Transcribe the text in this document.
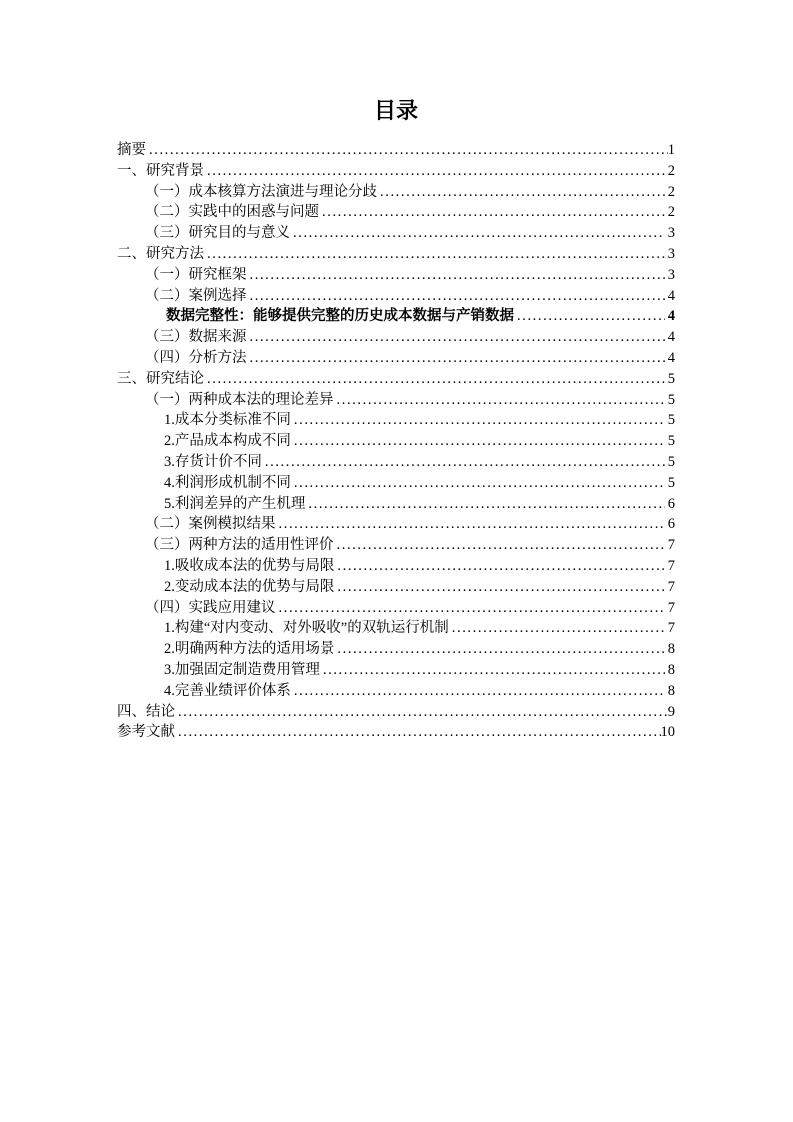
目录
摘要 .....	1
一、研究背景 .....	2
（一）成本核算方法演进与理论分歧 .....	2
（二）实践中的困惑与问题 .....	2
（三）研究目的与意义 .....	3
二、研究方法 .....	3
（一）研究框架 .....	3
（二）案例选择 .....	4
数据完整性：能够提供完整的历史成本数据与产销数据 .....	4
（三）数据来源 .....	4
（四）分析方法 .....	4
三、研究结论 .....	5
（一）两种成本法的理论差异 .....	5
1.成本分类标准不同 .....	5
2.产品成本构成不同 .....	5
3.存货计价不同 .....	5
4.利润形成机制不同 .....	5
5.利润差异的产生机理 .....	6
（二）案例模拟结果 .....	6
（三）两种方法的适用性评价 .....	7
1.吸收成本法的优势与局限 .....	7
2.变动成本法的优势与局限 .....	7
（四）实践应用建议 .....	7
1.构建“对内变动、对外吸收”的双轨运行机制 .....	7
2.明确两种方法的适用场景 .....	8
3.加强固定制造费用管理 .....	8
4.完善业绩评价体系 .....	8
四、结论 .....	9
参考文献 .....	10
